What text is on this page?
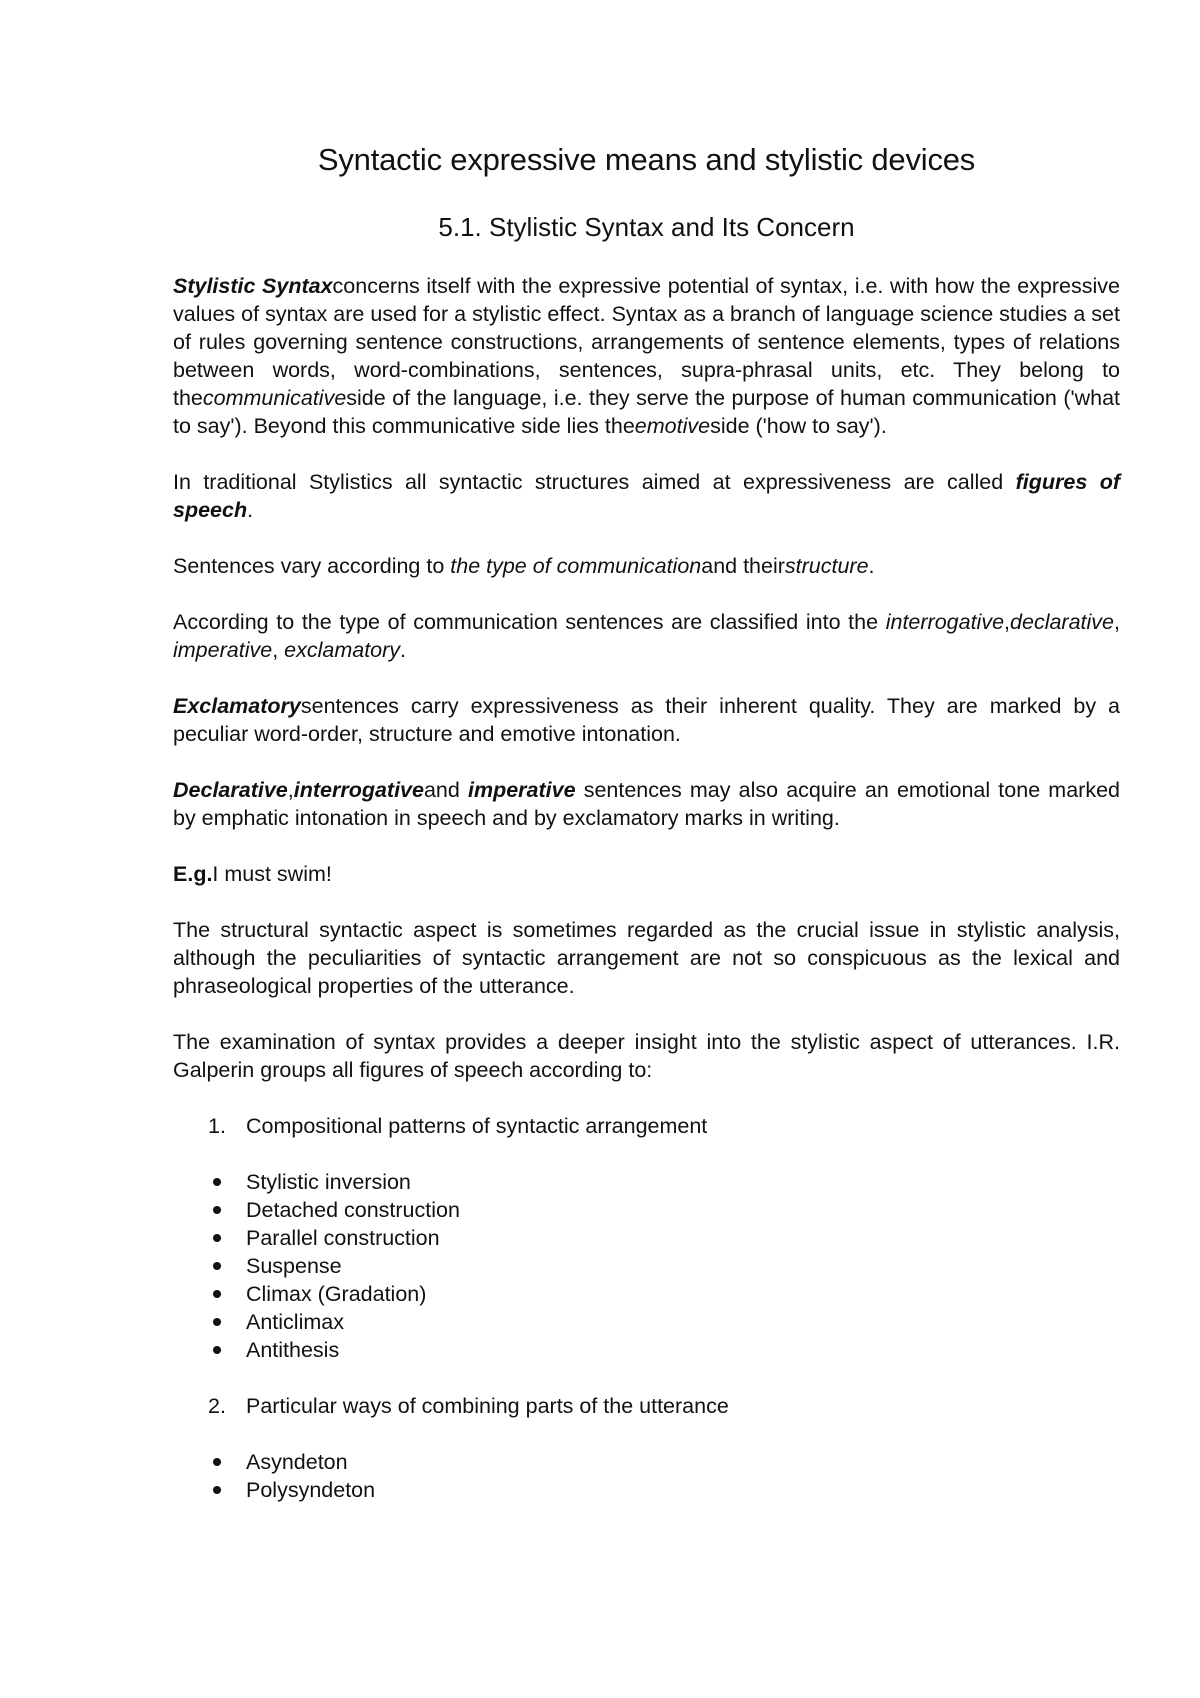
Syntactic expressive means and stylistic devices
5.1. Stylistic Syntax and Its Concern

Stylistic Syntaxconcerns itself with the expressive potential of syntax, i.e. with how the expressive values of syntax are used for a stylistic effect. Syntax as a branch of language science studies a set of rules governing sentence constructions, arrangements of sentence elements, types of relations between words, word-combinations, sentences, supra-phrasal units, etc. They belong to thecommunicativeside of the language, i.e. they serve the purpose of human communication ('what to say'). Beyond this communicative side lies theemotiveside ('how to say').

In traditional Stylistics all syntactic structures aimed at expressiveness are called figures of speech.

Sentences vary according to the type of communicationand theirstructure.

According to the type of communication sentences are classified into the interrogative,declarative, imperative, exclamatory.

Exclamatorysentences carry expressiveness as their inherent quality. They are marked by a peculiar word-order, structure and emotive intonation.

Declarative,interrogativeand imperative sentences may also acquire an emotional tone marked by emphatic intonation in speech and by exclamatory marks in writing.

E.g.I must swim!

The structural syntactic aspect is sometimes regarded as the crucial issue in stylistic analysis, although the peculiarities of syntactic arrangement are not so conspicuous as the lexical and phraseological properties of the utterance.

The examination of syntax provides a deeper insight into the stylistic aspect of utterances. I.R. Galperin groups all figures of speech according to:

1. Compositional patterns of syntactic arrangement
Stylistic inversion
Detached construction
Parallel construction
Suspense
Climax (Gradation)
Anticlimax
Antithesis
2. Particular ways of combining parts of the utterance
Asyndeton
Polysyndeton
